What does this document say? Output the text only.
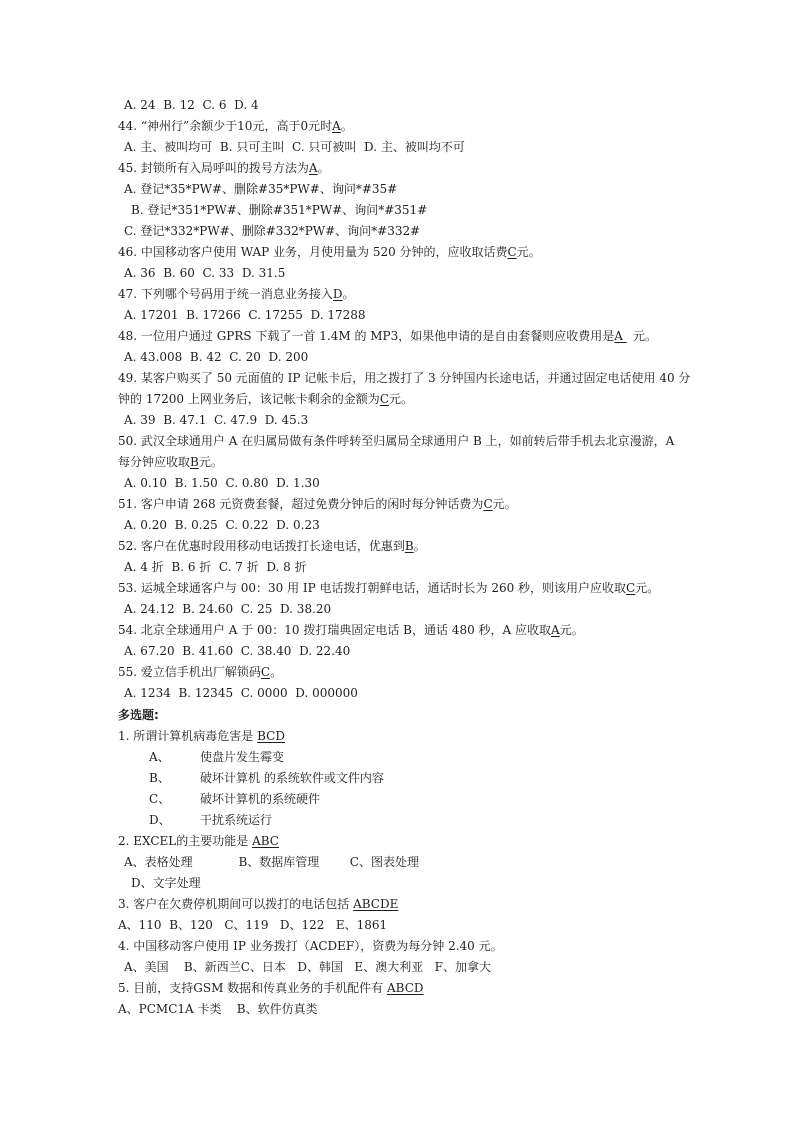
A. 24  B. 12  C. 6  D. 4
44. “神州行”余额少于10元，高于0元时A。
A. 主、被叫均可  B. 只可主叫  C. 只可被叫  D. 主、被叫均不可
45. 封锁所有入局呼叫的拨号方法为A。
A. 登记*35*PW#、删除#35*PW#、询问*#35#
B. 登记*351*PW#、删除#351*PW#、询问*#351#
C. 登记*332*PW#、删除#332*PW#、询问*#332#
46. 中国移动客户使用 WAP 业务，月使用量为 520 分钟的，应收取话费C元。
A. 36  B. 60  C. 33  D. 31.5
47. 下列哪个号码用于统一消息业务接入D。
A. 17201  B. 17266  C. 17255  D. 17288
48. 一位用户通过 GPRS 下载了一首 1.4M 的 MP3，如果他申请的是自由套餐则应收费用是A 元。
A. 43.008  B. 42  C. 20  D. 200
49. 某客户购买了 50 元面值的 IP 记帐卡后，用之拨打了 3 分钟国内长途电话，并通过固定电话使用 40 分
钟的 17200 上网业务后，该记帐卡剩余的金额为C元。
A. 39  B. 47.1  C. 47.9  D. 45.3
50. 武汉全球通用户 A 在归属局做有条件呼转至归属局全球通用户 B 上，如前转后带手机去北京漫游，A
每分钟应收取B元。
A. 0.10  B. 1.50  C. 0.80  D. 1.30
51. 客户申请 268 元资费套餐，超过免费分钟后的闲时每分钟话费为C元。
A. 0.20  B. 0.25  C. 0.22  D. 0.23
52. 客户在优惠时段用移动电话拨打长途电话，优惠到B。
A. 4 折  B. 6 折  C. 7 折  D. 8 折
53. 运城全球通客户与 00：30 用 IP 电话拨打朝鲜电话，通话时长为 260 秒，则该用户应收取C元。
A. 24.12  B. 24.60  C. 25  D. 38.20
54. 北京全球通用户 A 于 00：10 拨打瑞典固定电话 B，通话 480 秒，A 应收取A元。
A. 67.20  B. 41.60  C. 38.40  D. 22.40
55. 爱立信手机出厂解锁码C。
A. 1234  B. 12345  C. 0000  D. 000000
多选题:
1. 所谓计算机病毒危害是 BCD
A、	使盘片发生霉变
B、	破坏计算机 的系统软件或文件内容
C、 破坏计算机的系统硬件
D、 干扰系统运行
2. EXCEL的主要功能是 ABC
A、表格处理            B、数据库管理        C、图表处理
D、文字处理
3. 客户在欠费停机期间可以拨打的电话包括 ABCDE
A、110  B、120   C、119   D、122   E、1861
4. 中国移动客户使用 IP 业务拨打（ACDEF），资费为每分钟 2.40 元。
A、美国    B、新西兰C、日本   D、韩国   E、澳大利亚   F、加拿大
5. 目前，支持GSM 数据和传真业务的手机配件有 ABCD
A、PCMC1A 卡类    B、软件仿真类
